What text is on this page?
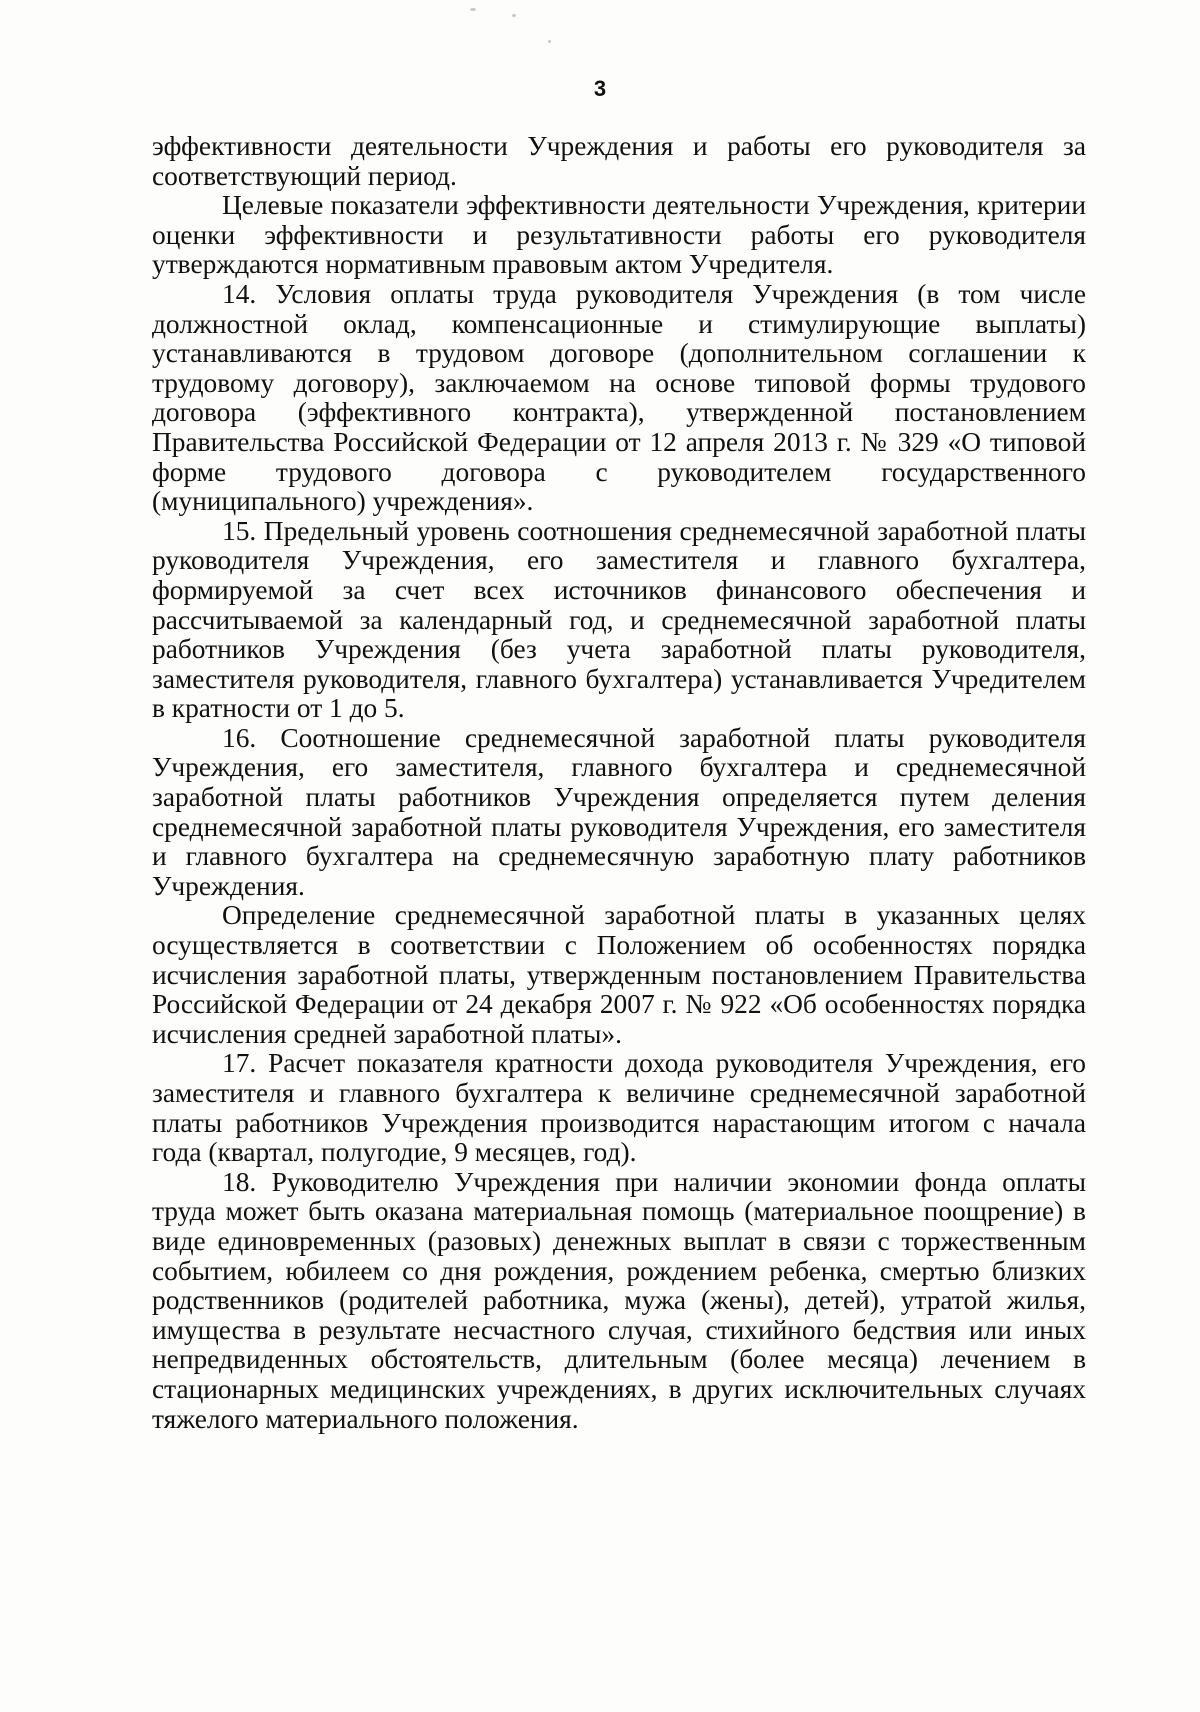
3

эффективности деятельности Учреждения и работы его руководителя за соответствующий период.

Целевые показатели эффективности деятельности Учреждения, критерии оценки эффективности и результативности работы его руководителя утверждаются нормативным правовым актом Учредителя.

14. Условия оплаты труда руководителя Учреждения (в том числе должностной оклад, компенсационные и стимулирующие выплаты) устанавливаются в трудовом договоре (дополнительном соглашении к трудовому договору), заключаемом на основе типовой формы трудового договора (эффективного контракта), утвержденной постановлением Правительства Российской Федерации от 12 апреля 2013 г. № 329 «О типовой форме трудового договора с руководителем государственного (муниципального) учреждения».

15. Предельный уровень соотношения среднемесячной заработной платы руководителя Учреждения, его заместителя и главного бухгалтера, формируемой за счет всех источников финансового обеспечения и рассчитываемой за календарный год, и среднемесячной заработной платы работников Учреждения (без учета заработной платы руководителя, заместителя руководителя, главного бухгалтера) устанавливается Учредителем в кратности от 1 до 5.

16. Соотношение среднемесячной заработной платы руководителя Учреждения, его заместителя, главного бухгалтера и среднемесячной заработной платы работников Учреждения определяется путем деления среднемесячной заработной платы руководителя Учреждения, его заместителя и главного бухгалтера на среднемесячную заработную плату работников Учреждения.

Определение среднемесячной заработной платы в указанных целях осуществляется в соответствии с Положением об особенностях порядка исчисления заработной платы, утвержденным постановлением Правительства Российской Федерации от 24 декабря 2007 г. № 922 «Об особенностях порядка исчисления средней заработной платы».

17. Расчет показателя кратности дохода руководителя Учреждения, его заместителя и главного бухгалтера к величине среднемесячной заработной платы работников Учреждения производится нарастающим итогом с начала года (квартал, полугодие, 9 месяцев, год).

18. Руководителю Учреждения при наличии экономии фонда оплаты труда может быть оказана материальная помощь (материальное поощрение) в виде единовременных (разовых) денежных выплат в связи с торжественным событием, юбилеем со дня рождения, рождением ребенка, смертью близких родственников (родителей работника, мужа (жены), детей), утратой жилья, имущества в результате несчастного случая, стихийного бедствия или иных непредвиденных обстоятельств, длительным (более месяца) лечением в стационарных медицинских учреждениях, в других исключительных случаях тяжелого материального положения.
